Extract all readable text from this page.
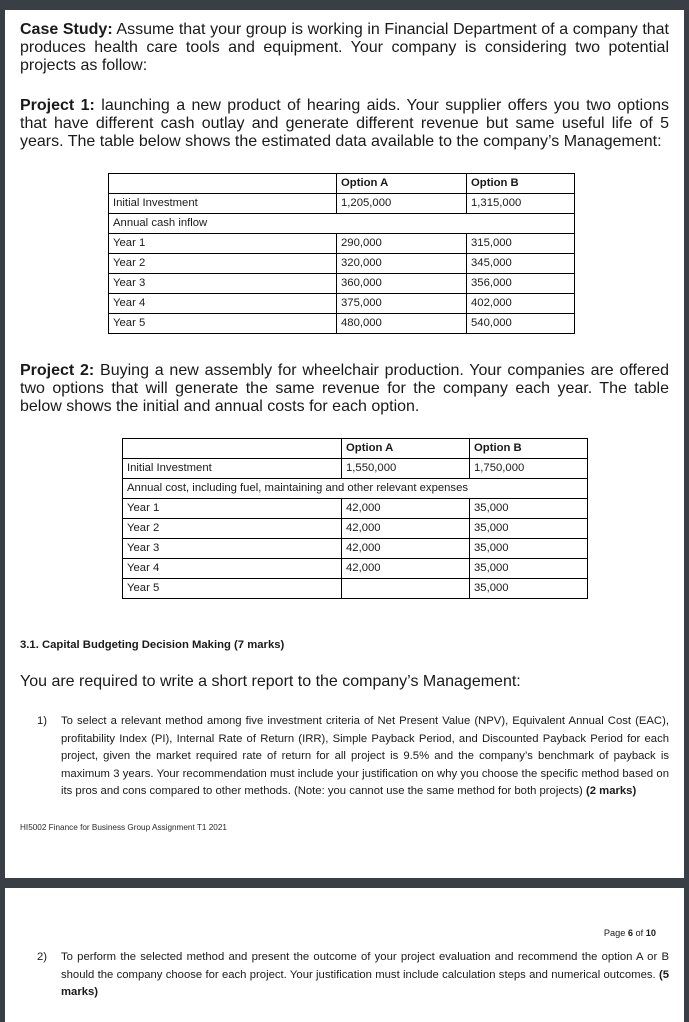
Case Study: Assume that your group is working in Financial Department of a company that produces health care tools and equipment. Your company is considering two potential projects as follow:
Project 1: launching a new product of hearing aids. Your supplier offers you two options that have different cash outlay and generate different revenue but same useful life of 5 years. The table below shows the estimated data available to the company’s Management:
	Option A	Option B
Initial Investment	1,205,000	1,315,000
Annual cash inflow		
Year 1	290,000	315,000
Year 2	320,000	345,000
Year 3	360,000	356,000
Year 4	375,000	402,000
Year 5	480,000	540,000
Project 2: Buying a new assembly for wheelchair production. Your companies are offered two options that will generate the same revenue for the company each year. The table below shows the initial and annual costs for each option.
	Option A	Option B
Initial Investment	1,550,000	1,750,000
Annual cost, including fuel, maintaining and other relevant expenses		
Year 1	42,000	35,000
Year 2	42,000	35,000
Year 3	42,000	35,000
Year 4	42,000	35,000
Year 5		35,000
3.1. Capital Budgeting Decision Making (7 marks)
You are required to write a short report to the company’s Management:
1)	To select a relevant method among five investment criteria of Net Present Value (NPV), Equivalent Annual Cost (EAC), profitability Index (PI), Internal Rate of Return (IRR), Simple Payback Period, and Discounted Payback Period for each project, given the market required rate of return for all project is 9.5% and the company’s benchmark of payback is maximum 3 years. Your recommendation must include your justification on why you choose the specific method based on its pros and cons compared to other methods. (Note: you cannot use the same method for both projects) (2 marks)
HI5002 Finance for Business Group Assignment T1 2021
Page 6 of 10
2)	To perform the selected method and present the outcome of your project evaluation and recommend the option A or B should the company choose for each project. Your justification must include calculation steps and numerical outcomes. (5 marks)
